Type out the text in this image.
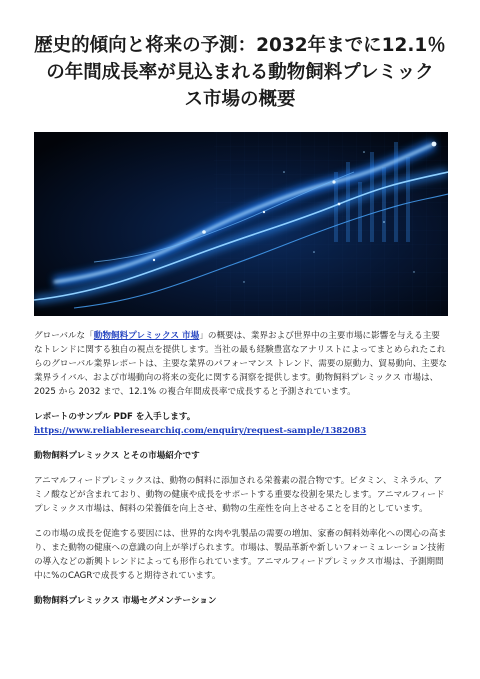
歴史的傾向と将来の予測：2032年までに12.1％
の年間成長率が見込まれる動物飼料プレミック
ス市場の概要

グローバルな「動物飼料プレミックス 市場」の概要は、業界および世界中の主要市場に影響を与える主要なトレンドに関する独自の視点を提供します。当社の最も経験豊富なアナリストによってまとめられたこれらのグローバル業界レポートは、主要な業界のパフォーマンス トレンド、需要の原動力、貿易動向、主要な業界ライバル、および市場動向の将来の変化に関する洞察を提供します。動物飼料プレミックス 市場は、2025 から 2032 まで、12.1% の複合年間成長率で成長すると予測されています。

レポートのサンプル PDF を入手します。 https://www.reliableresearchiq.com/enquiry/request-sample/1382083

動物飼料プレミックス とその市場紹介です

アニマルフィードプレミックスは、動物の飼料に添加される栄養素の混合物です。ビタミン、ミネラル、アミノ酸などが含まれており、動物の健康や成長をサポートする重要な役割を果たします。アニマルフィードプレミックス市場は、飼料の栄養価を向上させ、動物の生産性を向上させることを目的としています。

この市場の成長を促進する要因には、世界的な肉や乳製品の需要の増加、家畜の飼料効率化への関心の高まり、また動物の健康への意識の向上が挙げられます。市場は、製品革新や新しいフォーミュレーション技術の導入などの新興トレンドによっても形作られています。アニマルフィードプレミックス市場は、予測期間中に%のCAGRで成長すると期待されています。

動物飼料プレミックス 市場セグメンテーション
